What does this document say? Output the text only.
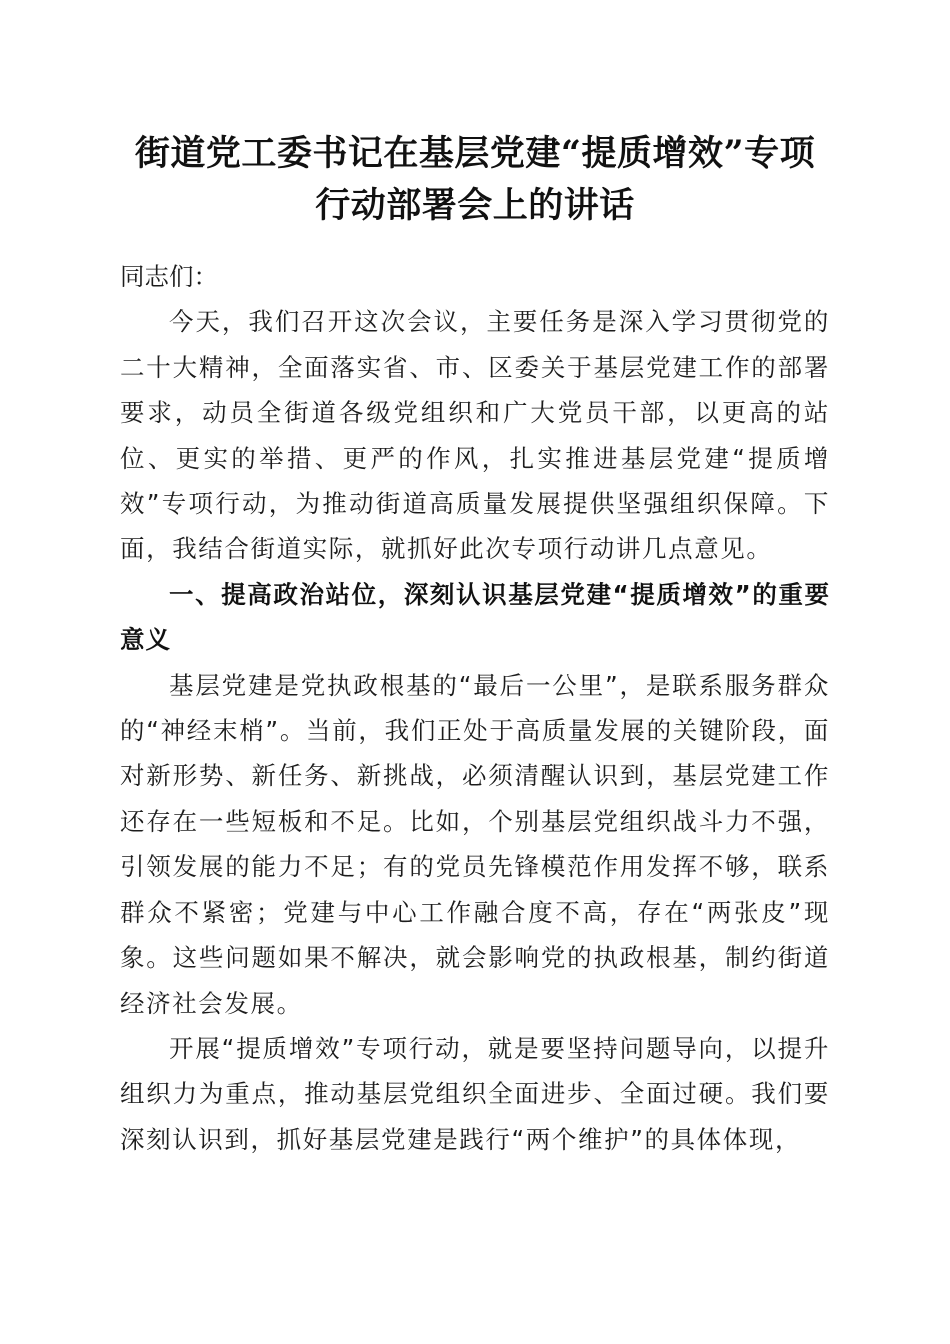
街道党工委书记在基层党建“提质增效”专项
行动部署会上的讲话

同志们：

今天，我们召开这次会议，主要任务是深入学习贯彻党的二十大精神，全面落实省、市、区委关于基层党建工作的部署要求，动员全街道各级党组织和广大党员干部，以更高的站位、更实的举措、更严的作风，扎实推进基层党建“提质增效”专项行动，为推动街道高质量发展提供坚强组织保障。下面，我结合街道实际，就抓好此次专项行动讲几点意见。

一、提高政治站位，深刻认识基层党建“提质增效”的重要意义

基层党建是党执政根基的“最后一公里”，是联系服务群众的“神经末梢”。当前，我们正处于高质量发展的关键阶段，面对新形势、新任务、新挑战，必须清醒认识到，基层党建工作还存在一些短板和不足。比如，个别基层党组织战斗力不强，引领发展的能力不足；有的党员先锋模范作用发挥不够，联系群众不紧密；党建与中心工作融合度不高，存在“两张皮”现象。这些问题如果不解决，就会影响党的执政根基，制约街道经济社会发展。

开展“提质增效”专项行动，就是要坚持问题导向，以提升组织力为重点，推动基层党组织全面进步、全面过硬。我们要深刻认识到，抓好基层党建是践行“两个维护”的具体体现，
